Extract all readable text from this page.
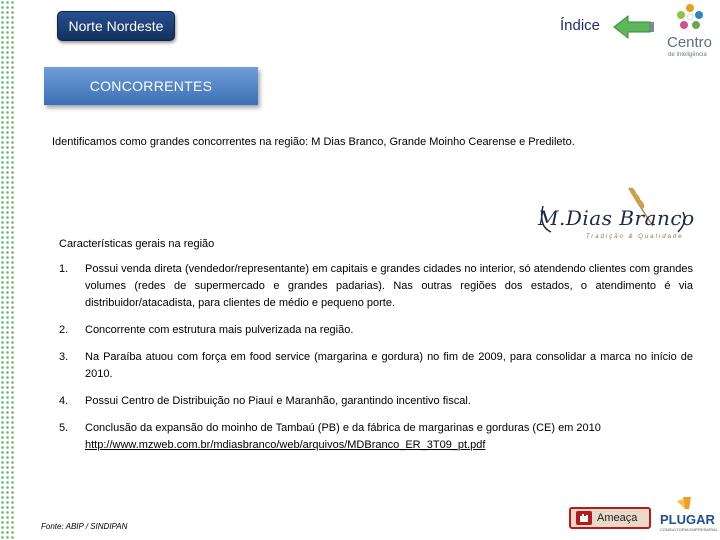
Norte Nordeste	Índice
Centro
de Inteligência
CONCORRENTES
Identificamos como grandes concorrentes na região: M Dias Branco, Grande Moinho Cearense e Predileto.
M.Dias Branco
Tradição & Qualidade
Características gerais na região
1.	Possui venda direta (vendedor/representante) em capitais e grandes cidades no interior, só atendendo clientes com grandes volumes (redes de supermercado e grandes padarias). Nas outras regiões dos estados, o atendimento é via distribuidor/atacadista, para clientes de médio e pequeno porte.
2.	Concorrente com estrutura mais pulverizada na região.
3.	Na Paraíba atuou com força em food service (margarina e gordura) no fim de 2009, para consolidar a marca no início de 2010.
4.	Possui Centro de Distribuição no Piauí e Maranhão, garantindo incentivo fiscal.
5.	Conclusão da expansão do moinho de Tambaú (PB) e da fábrica de margarinas e gorduras (CE) em 2010
http://www.mzweb.com.br/mdiasbranco/web/arquivos/MDBranco_ER_3T09_pt.pdf
Fonte: ABIP / SINDIPAN
Ameaça PLUGAR
CONSULTORIA EMPRESARIAL
